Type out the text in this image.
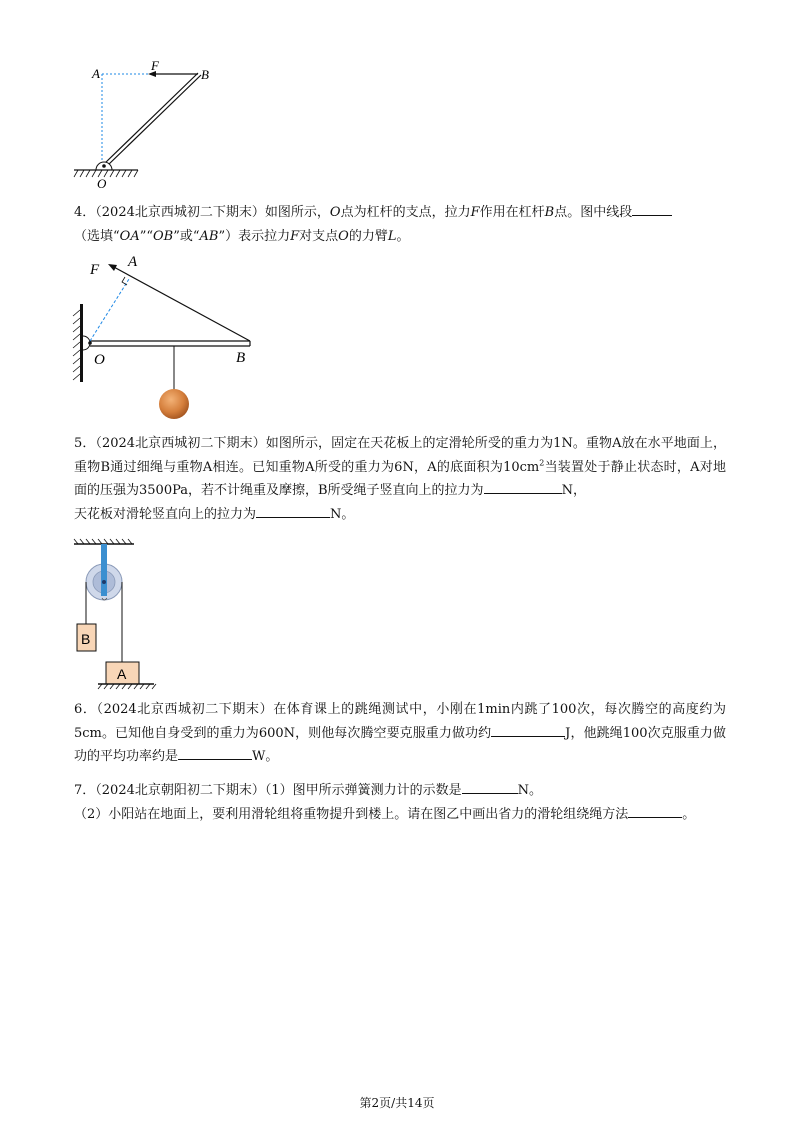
A
F
B
O
4．（2024北京西城初二下期末）如图所示，O点为杠杆的支点，拉力F作用在杠杆B点。图中线段
（选填“OA”“OB”或“AB”）表示拉力F对支点O的力臂L。
F A
O	B
5．（2024北京西城初二下期末）如图所示，固定在天花板上的定滑轮所受的重力为1N。重物A放在水平地面上，重物B通过细绳与重物A相连。已知重物A所受的重力为6N，A的底面积为$10cm^2$当装置处于静止状态时，A对地面的压强为3500Pa，若不计绳重及摩擦，B所受绳子竖直向上的拉力为	N，
天花板对滑轮竖直向上的拉力为	N。
B
A
6．（2024北京西城初二下期末）在体育课上的跳绳测试中，小刚在1min内跳了100次，每次腾空的高度约为5cm。已知他自身受到的重力为600N，则他每次腾空要克服重力做功约	J，他跳绳100次克服重力做功的平均功率约是	W。
7．（2024北京朝阳初二下期末）（1）图甲所示弹簧测力计的示数是	N。
（2）小阳站在地面上，要利用滑轮组将重物提升到楼上。请在图乙中画出省力的滑轮组绕绳方法	。
第2页/共14页
